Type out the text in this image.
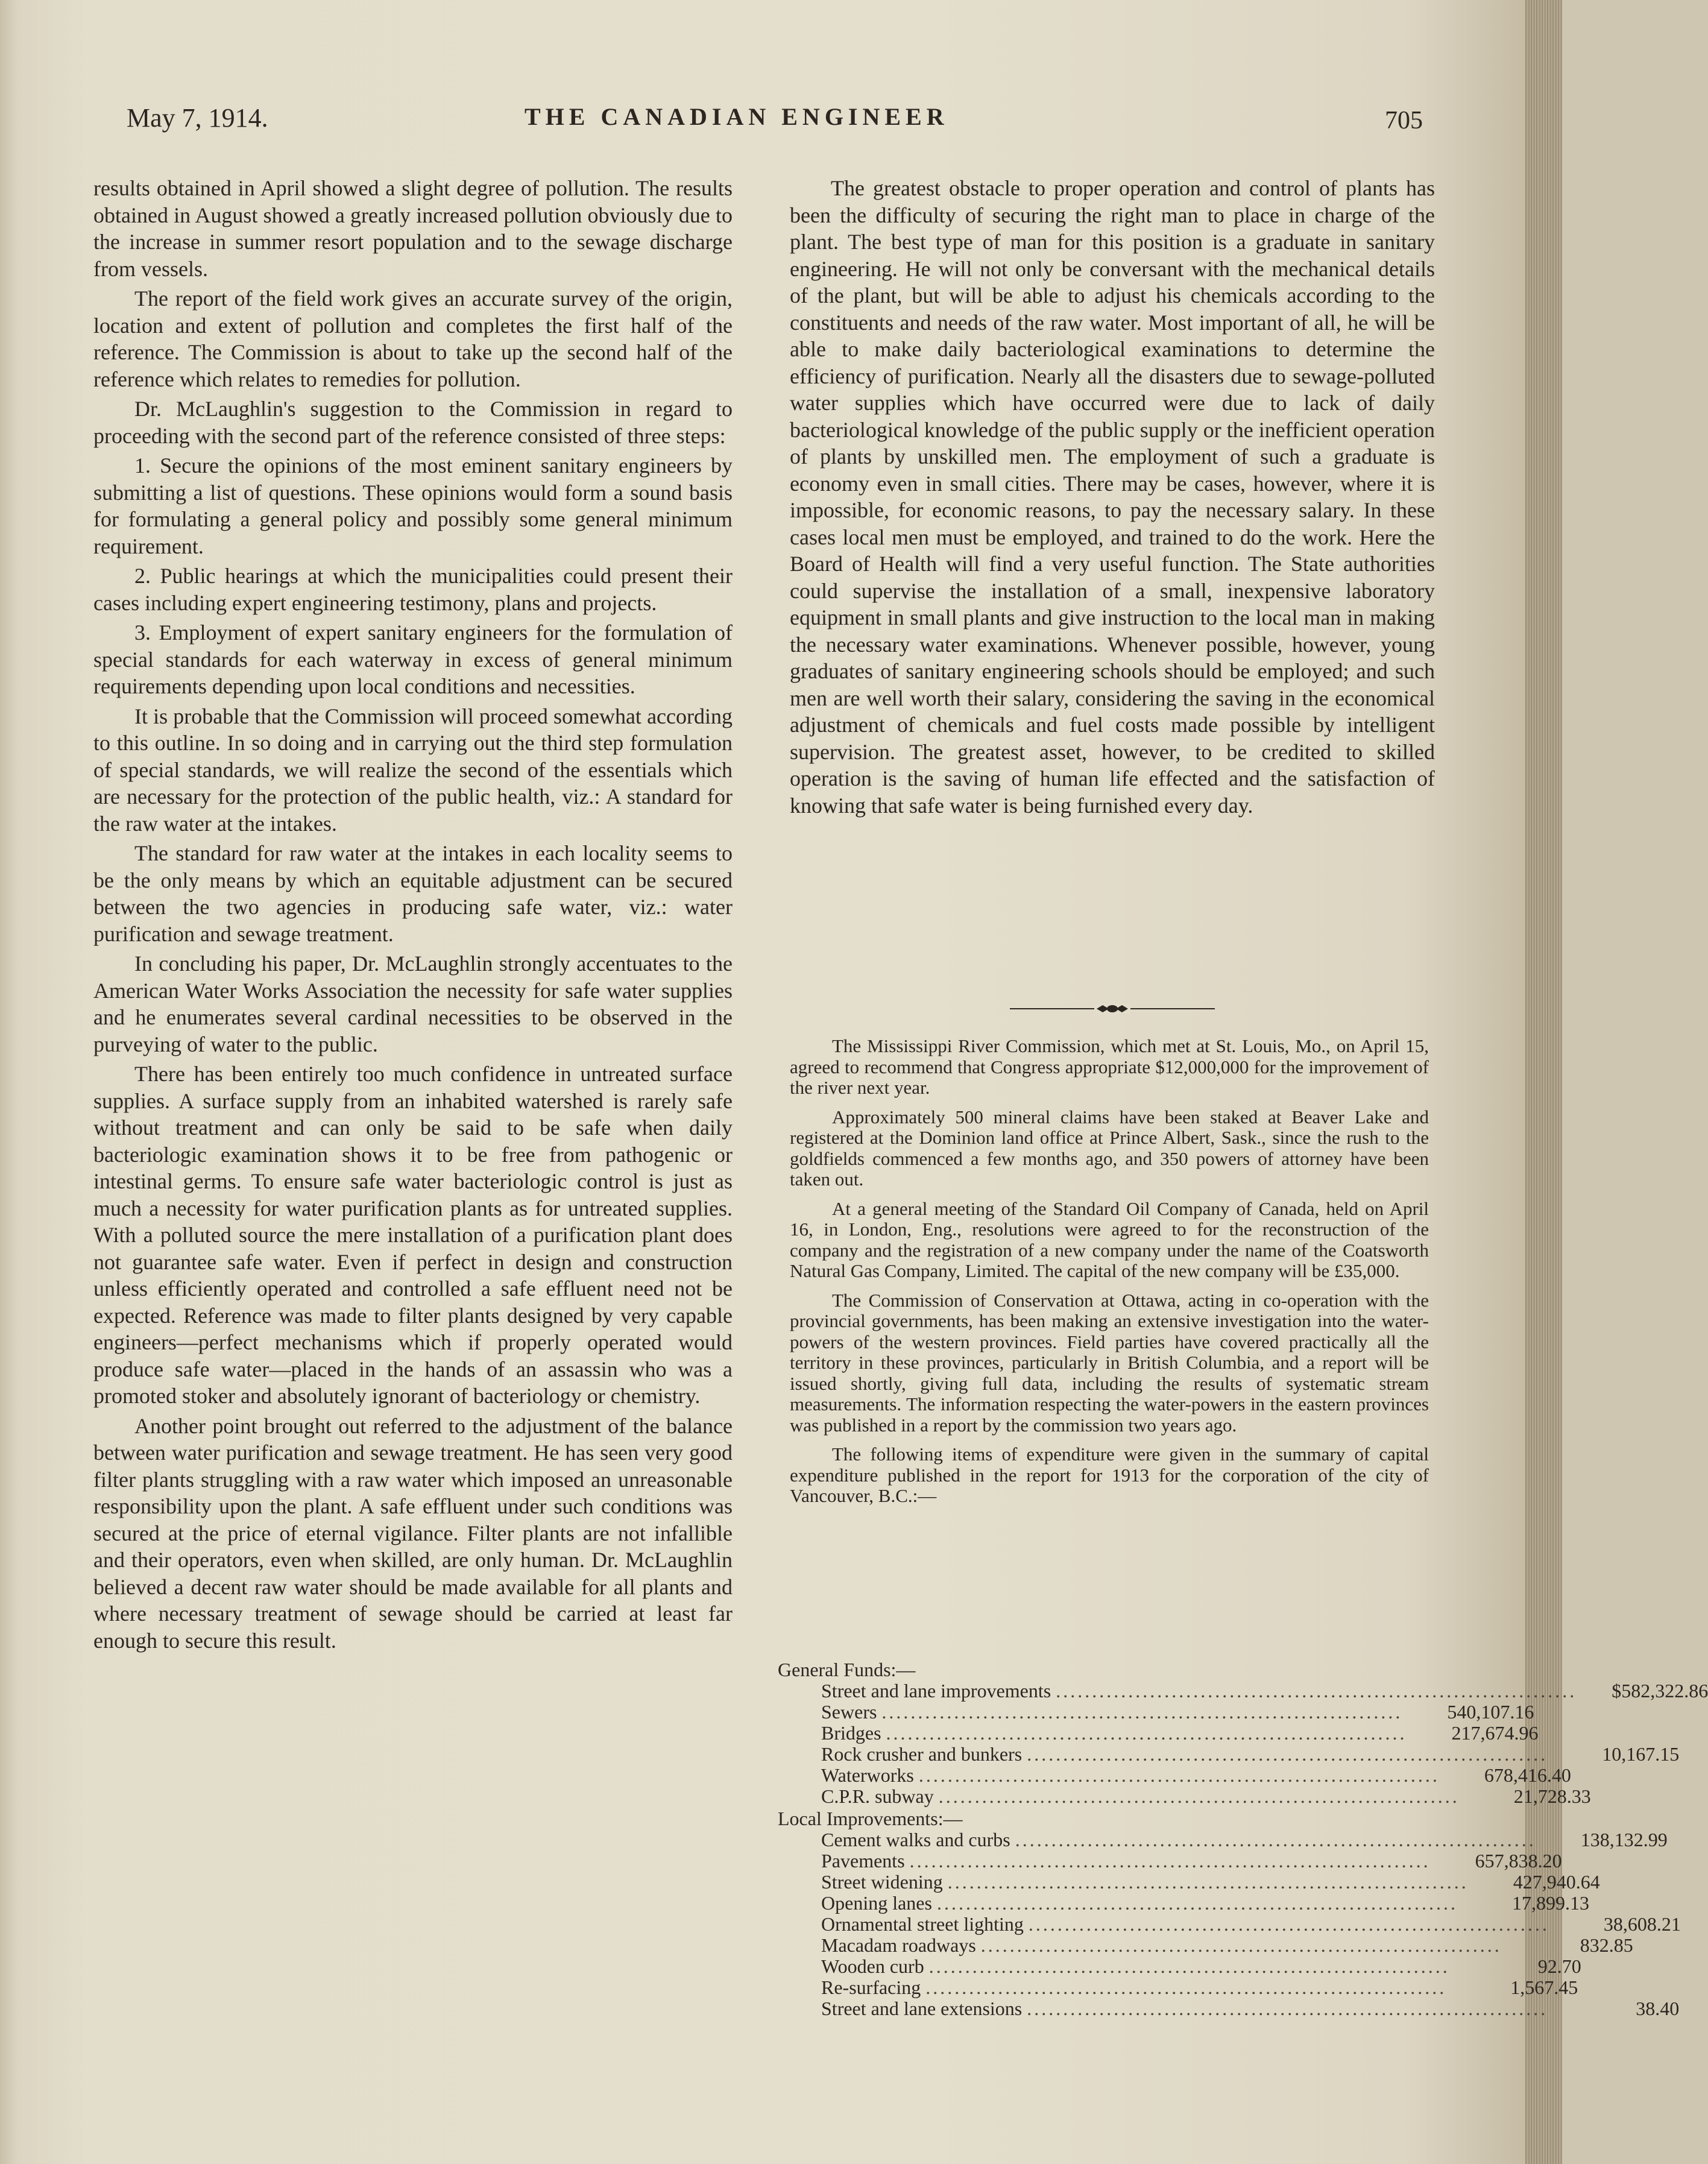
May 7, 1914.	THE CANADIAN ENGINEER	705

results obtained in April showed a slight degree of pollution. The results obtained in August showed a greatly increased pollution obviously due to the increase in summer resort population and to the sewage discharge from vessels.

The report of the field work gives an accurate survey of the origin, location and extent of pollution and completes the first half of the reference. The Commission is about to take up the second half of the reference which relates to remedies for pollution.

Dr. McLaughlin's suggestion to the Commission in regard to proceeding with the second part of the reference consisted of three steps:

1. Secure the opinions of the most eminent sanitary engineers by submitting a list of questions. These opinions would form a sound basis for formulating a general policy and possibly some general minimum requirement.

2. Public hearings at which the municipalities could present their cases including expert engineering testimony, plans and projects.

3. Employment of expert sanitary engineers for the formulation of special standards for each waterway in excess of general minimum requirements depending upon local conditions and necessities.

It is probable that the Commission will proceed somewhat according to this outline. In so doing and in carrying out the third step formulation of special standards, we will realize the second of the essentials which are necessary for the protection of the public health, viz.: A standard for the raw water at the intakes.

The standard for raw water at the intakes in each locality seems to be the only means by which an equitable adjustment can be secured between the two agencies in producing safe water, viz.: water purification and sewage treatment.

In concluding his paper, Dr. McLaughlin strongly accentuates to the American Water Works Association the necessity for safe water supplies and he enumerates several cardinal necessities to be observed in the purveying of water to the public.

There has been entirely too much confidence in untreated surface supplies. A surface supply from an inhabited watershed is rarely safe without treatment and can only be said to be safe when daily bacteriologic examination shows it to be free from pathogenic or intestinal germs. To ensure safe water bacteriologic control is just as much a necessity for water purification plants as for untreated supplies. With a polluted source the mere installation of a purification plant does not guarantee safe water. Even if perfect in design and construction unless efficiently operated and controlled a safe effluent need not be expected. Reference was made to filter plants designed by very capable engineers—perfect mechanisms which if properly operated would produce safe water—placed in the hands of an assassin who was a promoted stoker and absolutely ignorant of bacteriology or chemistry.

Another point brought out referred to the adjustment of the balance between water purification and sewage treatment. He has seen very good filter plants struggling with a raw water which imposed an unreasonable responsibility upon the plant. A safe effluent under such conditions was secured at the price of eternal vigilance. Filter plants are not infallible and their operators, even when skilled, are only human. Dr. McLaughlin believed a decent raw water should be made available for all plants and where necessary treatment of sewage should be carried at least far enough to secure this result.

The greatest obstacle to proper operation and control of plants has been the difficulty of securing the right man to place in charge of the plant. The best type of man for this position is a graduate in sanitary engineering. He will not only be conversant with the mechanical details of the plant, but will be able to adjust his chemicals according to the constituents and needs of the raw water. Most important of all, he will be able to make daily bacteriological examinations to determine the efficiency of purification. Nearly all the disasters due to sewage-polluted water supplies which have occurred were due to lack of daily bacteriological knowledge of the public supply or the inefficient operation of plants by unskilled men. The employment of such a graduate is economy even in small cities. There may be cases, however, where it is impossible, for economic reasons, to pay the necessary salary. In these cases local men must be employed, and trained to do the work. Here the Board of Health will find a very useful function. The State authorities could supervise the installation of a small, inexpensive laboratory equipment in small plants and give instruction to the local man in making the necessary water examinations. Whenever possible, however, young graduates of sanitary engineering schools should be employed; and such men are well worth their salary, considering the saving in the economical adjustment of chemicals and fuel costs made possible by intelligent supervision. The greatest asset, however, to be credited to skilled operation is the saving of human life effected and the satisfaction of knowing that safe water is being furnished every day.

The Mississippi River Commission, which met at St. Louis, Mo., on April 15, agreed to recommend that Congress appropriate $12,000,000 for the improvement of the river next year.

Approximately 500 mineral claims have been staked at Beaver Lake and registered at the Dominion land office at Prince Albert, Sask., since the rush to the goldfields commenced a few months ago, and 350 powers of attorney have been taken out.

At a general meeting of the Standard Oil Company of Canada, held on April 16, in London, Eng., resolutions were agreed to for the reconstruction of the company and the registration of a new company under the name of the Coatsworth Natural Gas Company, Limited. The capital of the new company will be £35,000.

The Commission of Conservation at Ottawa, acting in co-operation with the provincial governments, has been making an extensive investigation into the water-powers of the western provinces. Field parties have covered practically all the territory in these provinces, particularly in British Columbia, and a report will be issued shortly, giving full data, including the results of systematic stream measurements. The information respecting the water-powers in the eastern provinces was published in a report by the commission two years ago.

The following items of expenditure were given in the summary of capital expenditure published in the report for 1913 for the corporation of the city of Vancouver, B.C.:—

General Funds:—
Street and lane improvements ........................................................................	$582,322.86
Sewers ........................................................................	540,107.16
Bridges ........................................................................	217,674.96
Rock crusher and bunkers ........................................................................	10,167.15
Waterworks ........................................................................	678,416.40
C.P.R. subway ........................................................................	21,728.33
Local Improvements:—
Cement walks and curbs ........................................................................	138,132.99
Pavements ........................................................................	657,838.20
Street widening ........................................................................	427,940.64
Opening lanes ........................................................................	17,899.13
Ornamental street lighting ........................................................................	38,608.21
Macadam roadways ........................................................................	832.85
Wooden curb ........................................................................	92.70
Re-surfacing ........................................................................	1,567.45
Street and lane extensions ........................................................................	38.40
